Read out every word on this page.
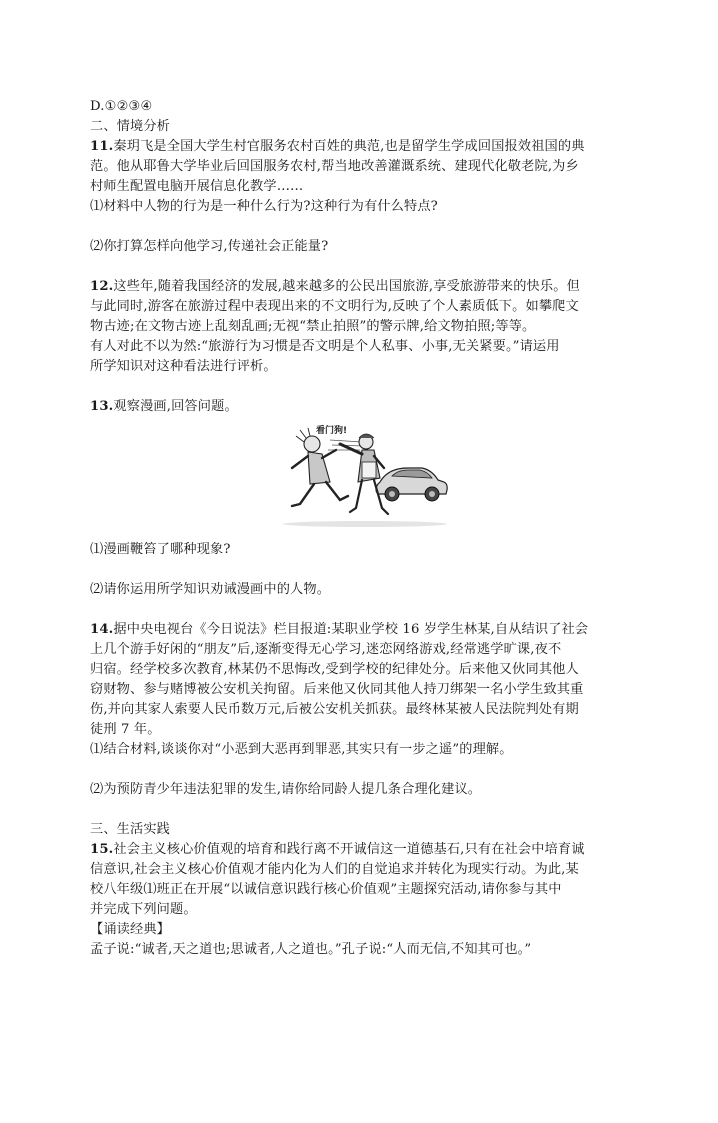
D.①②③④
二、情境分析
11.秦玥飞是全国大学生村官服务农村百姓的典范,也是留学生学成回国报效祖国的典
范。他从耶鲁大学毕业后回国服务农村,帮当地改善灌溉系统、建现代化敬老院,为乡
村师生配置电脑开展信息化教学……
⑴材料中人物的行为是一种什么行为?这种行为有什么特点?
⑵你打算怎样向他学习,传递社会正能量?
12.这些年,随着我国经济的发展,越来越多的公民出国旅游,享受旅游带来的快乐。但
与此同时,游客在旅游过程中表现出来的不文明行为,反映了个人素质低下。如攀爬文
物古迹;在文物古迹上乱刻乱画;无视“禁止拍照”的警示牌,给文物拍照;等等。
有人对此不以为然:“旅游行为习惯是否文明是个人私事、小事,无关紧要。”请运用
所学知识对这种看法进行评析。
13.观察漫画,回答问题。
看门狗!
⑴漫画鞭笞了哪种现象?
⑵请你运用所学知识劝诫漫画中的人物。
14.据中央电视台《今日说法》栏目报道:某职业学校 16 岁学生林某,自从结识了社会
上几个游手好闲的“朋友”后,逐渐变得无心学习,迷恋网络游戏,经常逃学旷课,夜不
归宿。经学校多次教育,林某仍不思悔改,受到学校的纪律处分。后来他又伙同其他人
窃财物、参与赌博被公安机关拘留。后来他又伙同其他人持刀绑架一名小学生致其重
伤,并向其家人索要人民币数万元,后被公安机关抓获。最终林某被人民法院判处有期
徒刑 7 年。
⑴结合材料,谈谈你对“小恶到大恶再到罪恶,其实只有一步之遥”的理解。
⑵为预防青少年违法犯罪的发生,请你给同龄人提几条合理化建议。
三、生活实践
15.社会主义核心价值观的培育和践行离不开诚信这一道德基石,只有在社会中培育诚
信意识,社会主义核心价值观才能内化为人们的自觉追求并转化为现实行动。为此,某
校八年级⑴班正在开展“以诚信意识践行核心价值观”主题探究活动,请你参与其中
并完成下列问题。
【诵读经典】
孟子说:“诚者,天之道也;思诚者,人之道也。”孔子说:“人而无信,不知其可也。”
